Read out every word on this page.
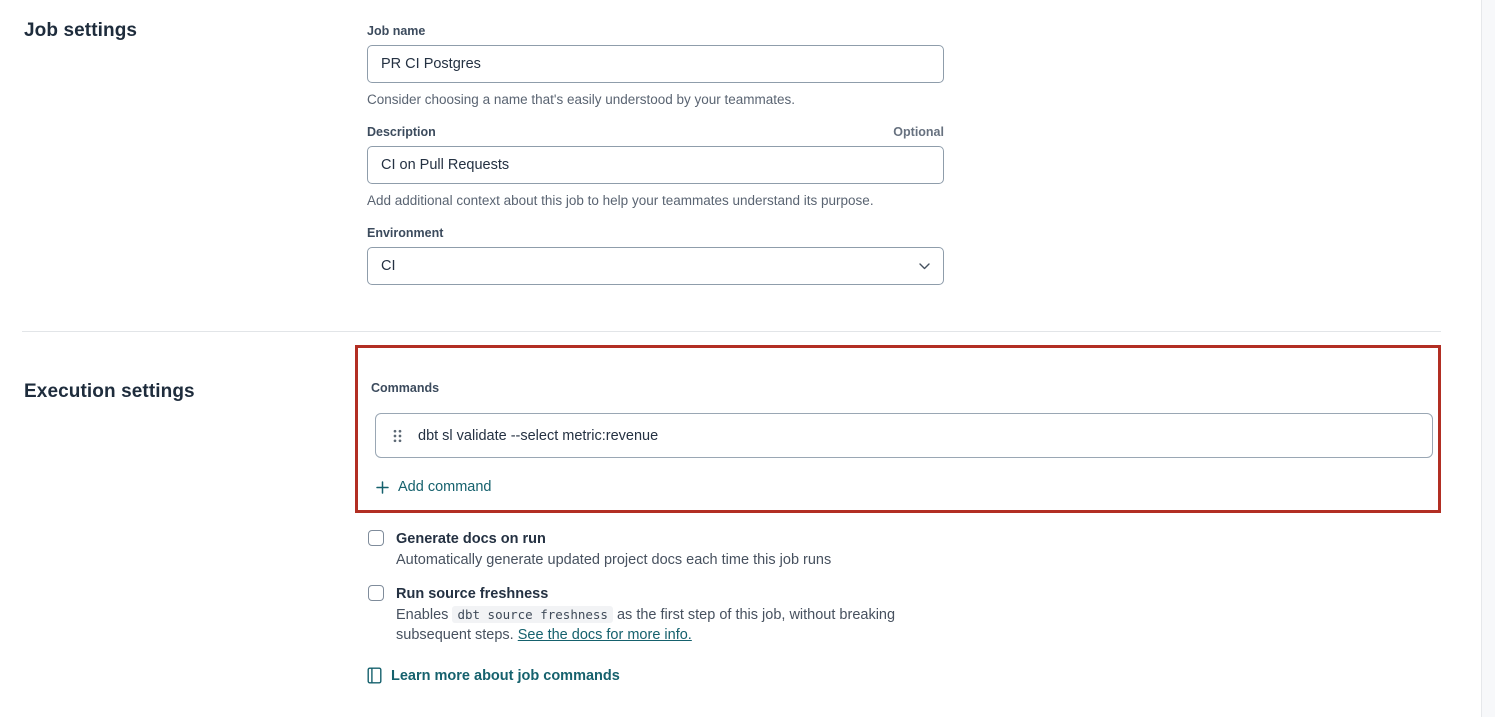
Job settings
Execution settings
Job name
PR CI Postgres
Consider choosing a name that's easily understood by your teammates.
Description	Optional
CI on Pull Requests
Add additional context about this job to help your teammates understand its purpose.
Environment
CI
Commands
dbt sl validate --select metric:revenue
Add command
Generate docs on run
Automatically generate updated project docs each time this job runs
Run source freshness
Enables dbt source freshness as the first step of this job, without breaking subsequent steps. See the docs for more info.
Learn more about job commands
